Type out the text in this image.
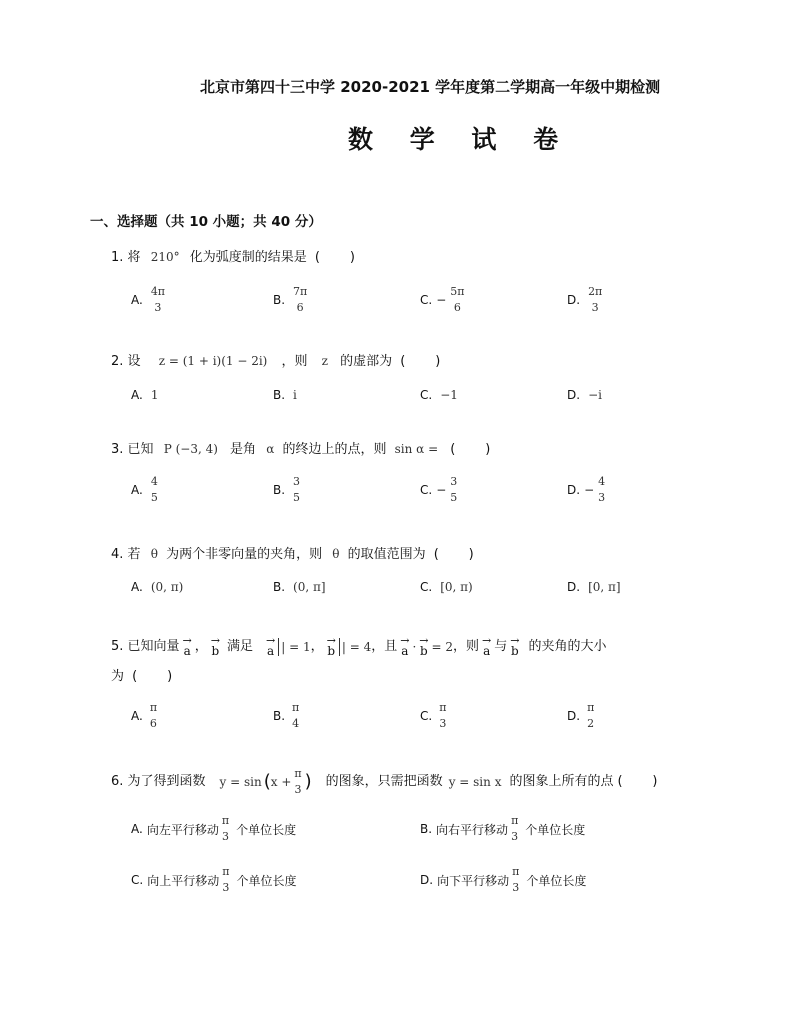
北京市第四十三中学 2020-2021 学年度第二学期高一年级中期检测
数 学 试 卷
一、选择题（共 10 小题；共 40 分）
1. 将 210° 化为弧度制的结果是 ( )
A.
4π
3
B.
7π
6
C. −
5π
6
D.
2π
3
2. 设 z = (1 + i)(1 − 2i) ，则 z 的虚部为 ( )
A. 1	B. i	C. −1	D. −i
3. 已知 P (−3, 4) 是角 α 的终边上的点，则 sin α = ( )
A.
4
5
B.
3
5
C. −
3
5
D. −
4
3
4. 若 θ 为两个非零向量的夹角，则 θ 的取值范围为 ( )
A. (0, π)	B. (0, π]	C. [0, π)	D. [0, π]
5. 已知向量 →
a ， →
b 满足 →
a | = 1 ， →
b | = 4 ，且 →
a · →
b = 2 ，则 →
a 与 →
b 的夹角的大小
为 ( )
A.
π
6
B.
π
4
C.
π
3
D.
π
2
6. 为了得到函数 y = sin ( x +
π
3 ) 的图象，只需把函数 y = sin x 的图象上所有的点
( )
A. 向左平行移动
π
3 个单位长度	B. 向右平行移动
π
3 个单位长度
C. 向上平行移动
π
3 个单位长度	D. 向下平行移动
π
3 个单位长度
